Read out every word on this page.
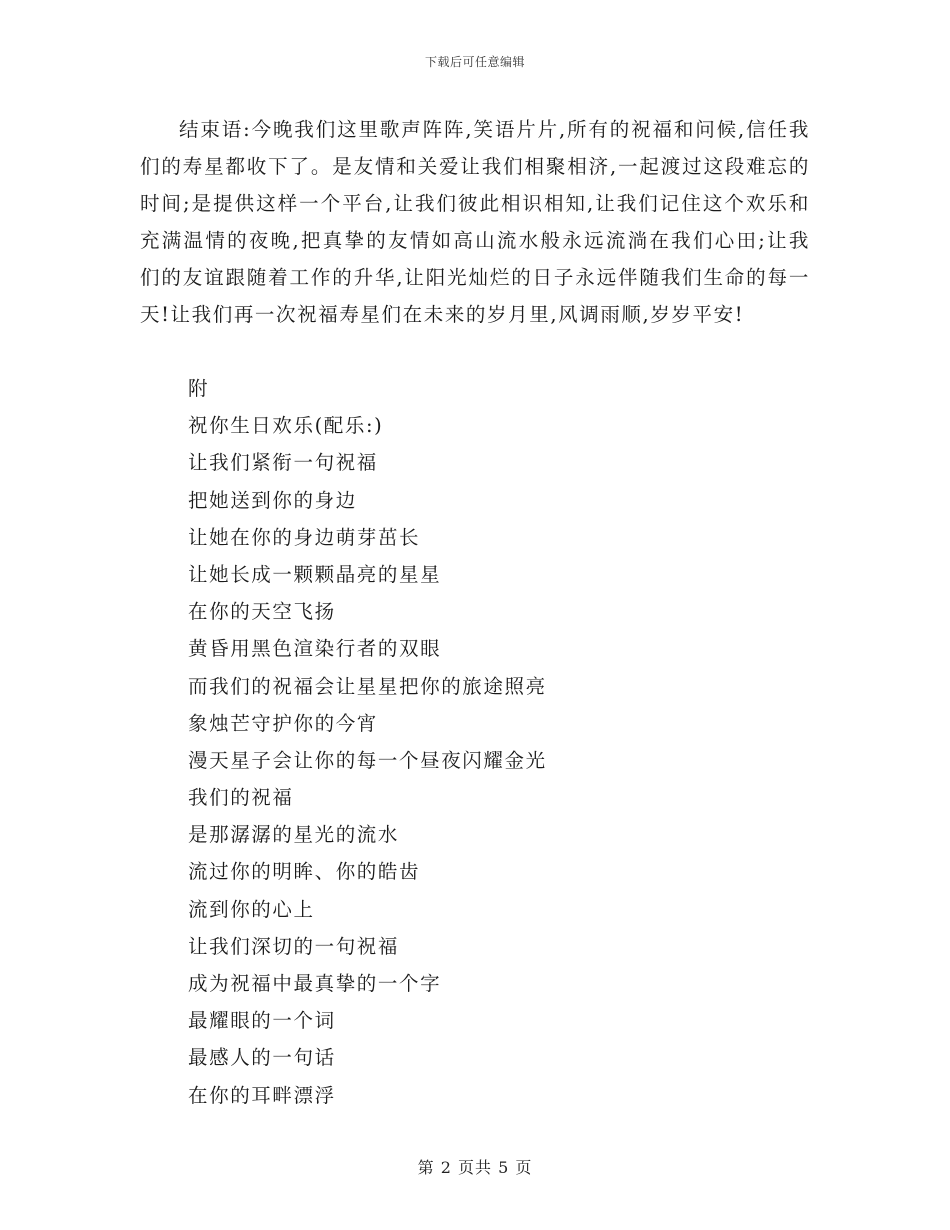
下载后可任意编辑
结束语:今晚我们这里歌声阵阵,笑语片片,所有的祝福和问候,信任我们的寿星都收下了。是友情和关爱让我们相聚相济,一起渡过这段难忘的时间;是提供这样一个平台,让我们彼此相识相知,让我们记住这个欢乐和充满温情的夜晚,把真挚的友情如高山流水般永远流淌在我们心田;让我们的友谊跟随着工作的升华,让阳光灿烂的日子永远伴随我们生命的每一天!让我们再一次祝福寿星们在未来的岁月里,风调雨顺,岁岁平安!
附
祝你生日欢乐(配乐:)
让我们紧衔一句祝福
把她送到你的身边
让她在你的身边萌芽茁长
让她长成一颗颗晶亮的星星
在你的天空飞扬
黄昏用黑色渲染行者的双眼
而我们的祝福会让星星把你的旅途照亮
象烛芒守护你的今宵
漫天星子会让你的每一个昼夜闪耀金光
我们的祝福
是那潺潺的星光的流水
流过你的明眸、你的皓齿
流到你的心上
让我们深切的一句祝福
成为祝福中最真挚的一个字
最耀眼的一个词
最感人的一句话
在你的耳畔漂浮
第 2 页共 5 页
